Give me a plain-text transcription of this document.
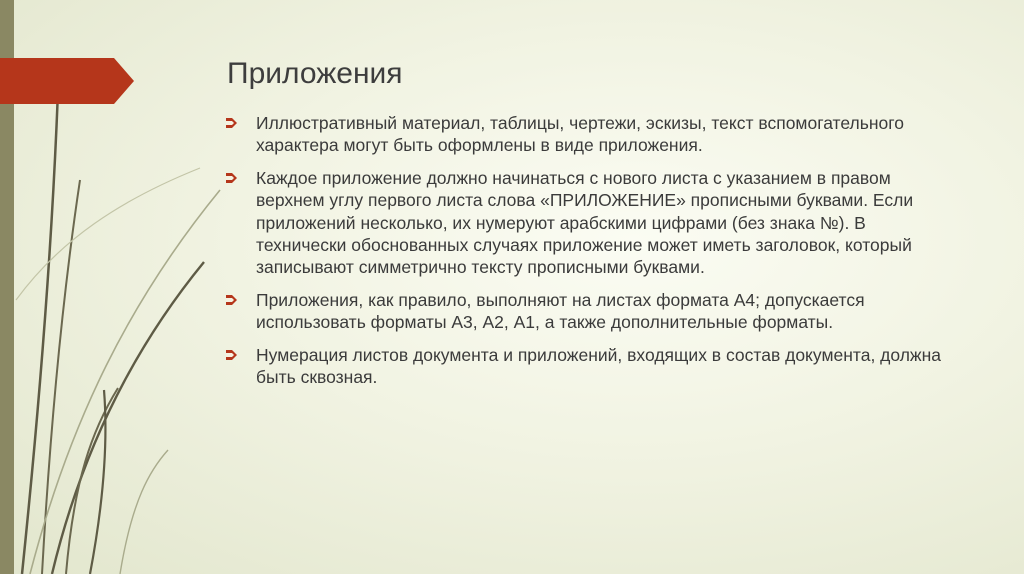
Приложения
Иллюстративный материал, таблицы, чертежи, эскизы, текст вспомогательного характера могут быть оформлены в виде приложения.
Каждое приложение должно начинаться с нового листа с указанием в правом верхнем углу первого листа слова «ПРИЛОЖЕНИЕ» прописными буквами. Если приложений несколько, их нумеруют арабскими цифрами (без знака №). В технически обоснованных случаях приложение может иметь заголовок, который записывают симметрично тексту прописными буквами.
Приложения, как правило, выполняют на листах формата А4; допускается использовать форматы А3, А2, А1, а также дополнительные форматы.
Нумерация листов документа и приложений, входящих в состав документа, должна быть сквозная.
